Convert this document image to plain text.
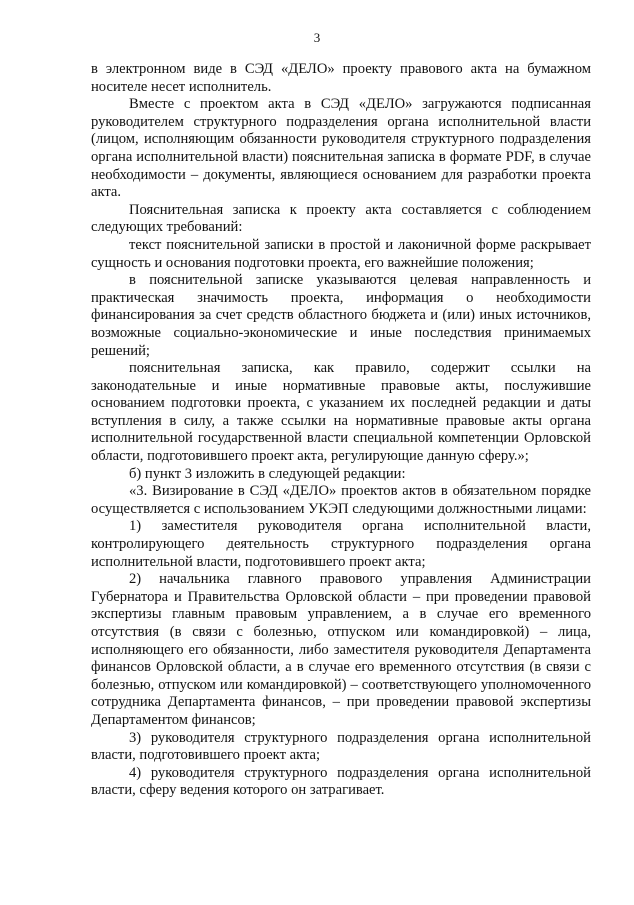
3

в электронном виде в СЭД «ДЕЛО» проекту правового акта на бумажном носителе несет исполнитель.

Вместе с проектом акта в СЭД «ДЕЛО» загружаются подписанная руководителем структурного подразделения органа исполнительной власти (лицом, исполняющим обязанности руководителя структурного подразделения органа исполнительной власти) пояснительная записка в формате PDF, в случае необходимости – документы, являющиеся основанием для разработки проекта акта.

Пояснительная записка к проекту акта составляется с соблюдением следующих требований:

текст пояснительной записки в простой и лаконичной форме раскрывает сущность и основания подготовки проекта, его важнейшие положения;

в пояснительной записке указываются целевая направленность и практическая значимость проекта, информация о необходимости финансирования за счет средств областного бюджета и (или) иных источников, возможные социально-экономические и иные последствия принимаемых решений;

пояснительная записка, как правило, содержит ссылки на законодательные и иные нормативные правовые акты, послужившие основанием подготовки проекта, с указанием их последней редакции и даты вступления в силу, а также ссылки на нормативные правовые акты органа исполнительной государственной власти специальной компетенции Орловской области, подготовившего проект акта, регулирующие данную сферу.»;

б) пункт 3 изложить в следующей редакции:

«3. Визирование в СЭД «ДЕЛО» проектов актов в обязательном порядке осуществляется с использованием УКЭП следующими должностными лицами:

1) заместителя руководителя органа исполнительной власти, контролирующего деятельность структурного подразделения органа исполнительной власти, подготовившего проект акта;

2) начальника главного правового управления Администрации Губернатора и Правительства Орловской области – при проведении правовой экспертизы главным правовым управлением, а в случае его временного отсутствия (в связи с болезнью, отпуском или командировкой) – лица, исполняющего его обязанности, либо заместителя руководителя Департамента финансов Орловской области, а в случае его временного отсутствия (в связи с болезнью, отпуском или командировкой) – соответствующего уполномоченного сотрудника Департамента финансов, – при проведении правовой экспертизы Департаментом финансов;

3) руководителя структурного подразделения органа исполнительной власти, подготовившего проект акта;

4) руководителя структурного подразделения органа исполнительной власти, сферу ведения которого он затрагивает.
